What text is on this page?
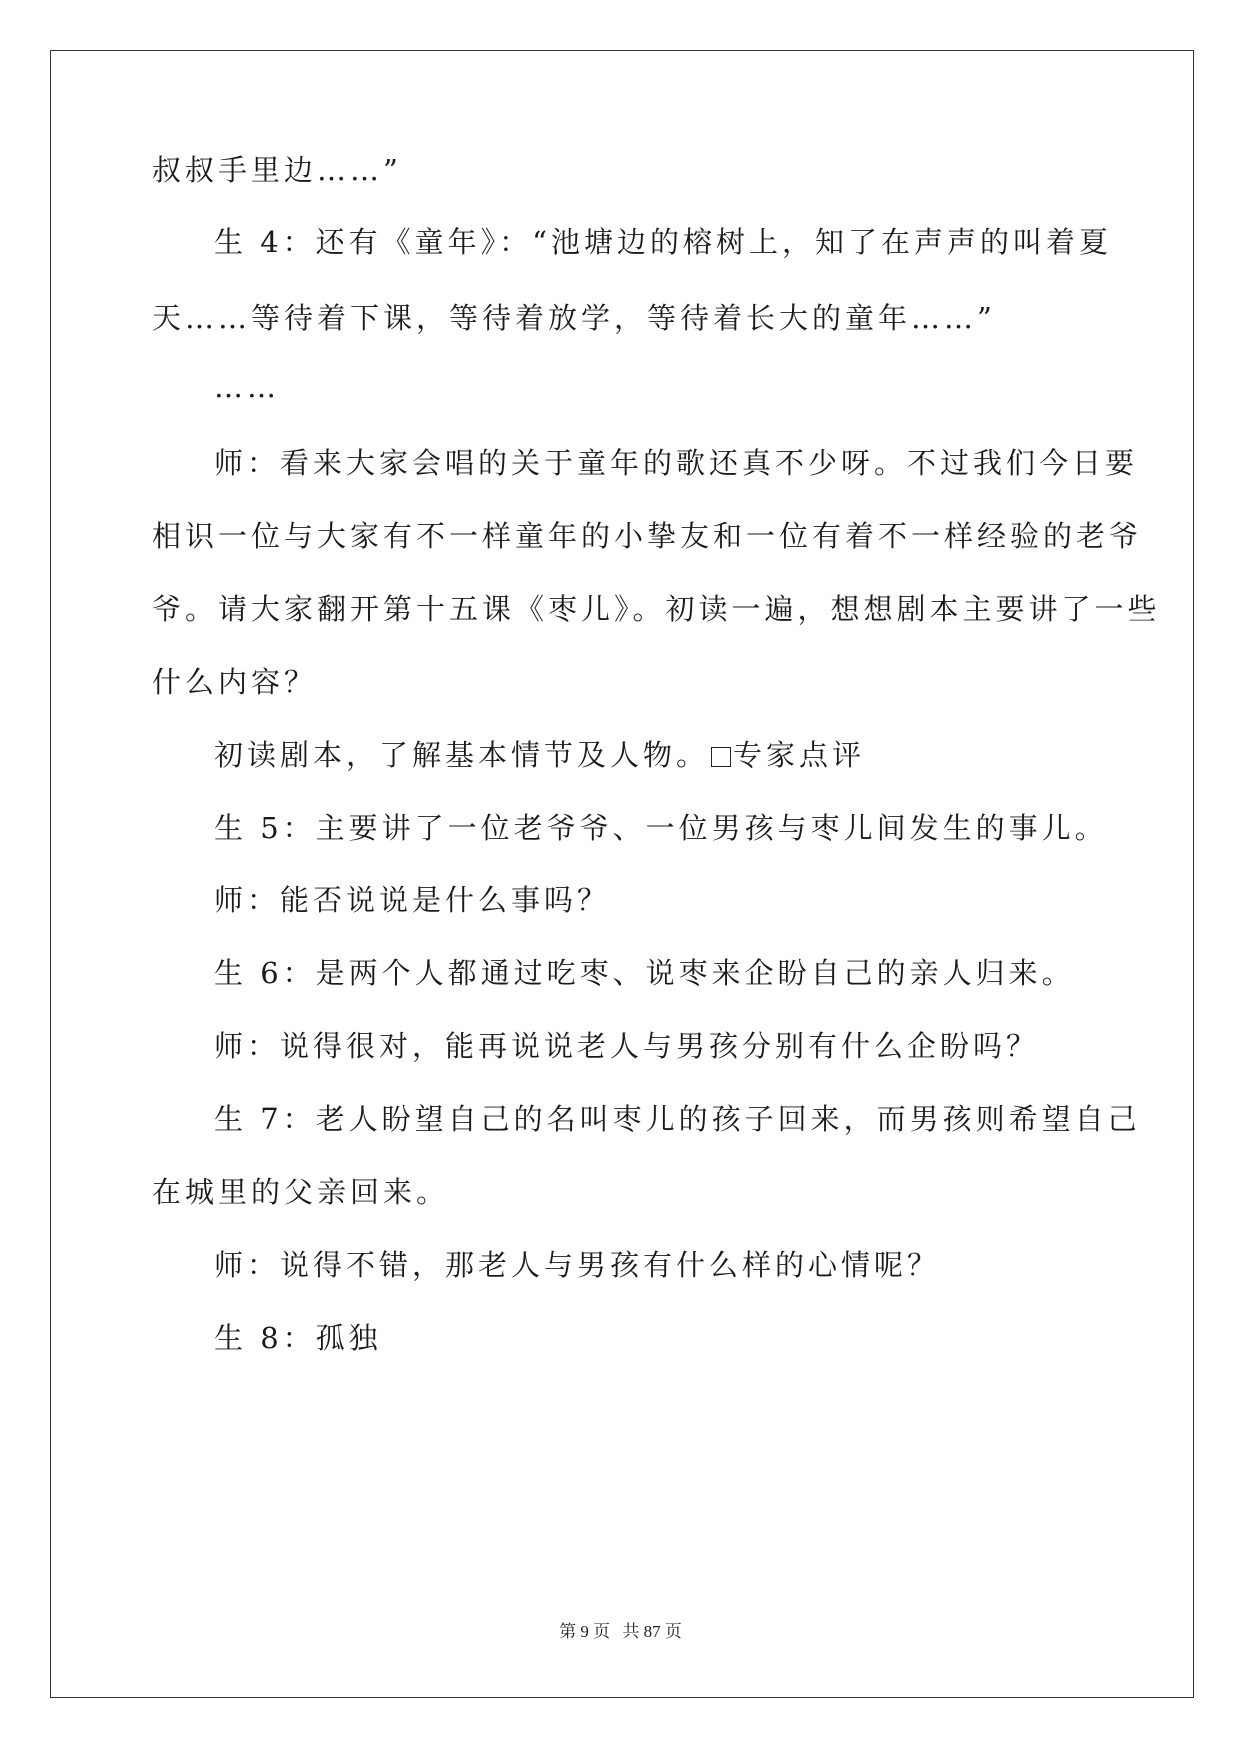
叔叔手里边……”
生 4：还有《童年》：“池塘边的榕树上，知了在声声的叫着夏
天……等待着下课，等待着放学，等待着长大的童年……”
……
师：看来大家会唱的关于童年的歌还真不少呀。不过我们今日要
相识一位与大家有不一样童年的小挚友和一位有着不一样经验的老爷
爷。请大家翻开第十五课《枣儿》。初读一遍，想想剧本主要讲了一些
什么内容？
初读剧本，了解基本情节及人物。 专家点评
生 5：主要讲了一位老爷爷、一位男孩与枣儿间发生的事儿。
师：能否说说是什么事吗？
生 6：是两个人都通过吃枣、说枣来企盼自己的亲人归来。
师：说得很对，能再说说老人与男孩分别有什么企盼吗？
生 7：老人盼望自己的名叫枣儿的孩子回来，而男孩则希望自己
在城里的父亲回来。
师：说得不错，那老人与男孩有什么样的心情呢？
生 8：孤独
第 9 页 共 87 页
